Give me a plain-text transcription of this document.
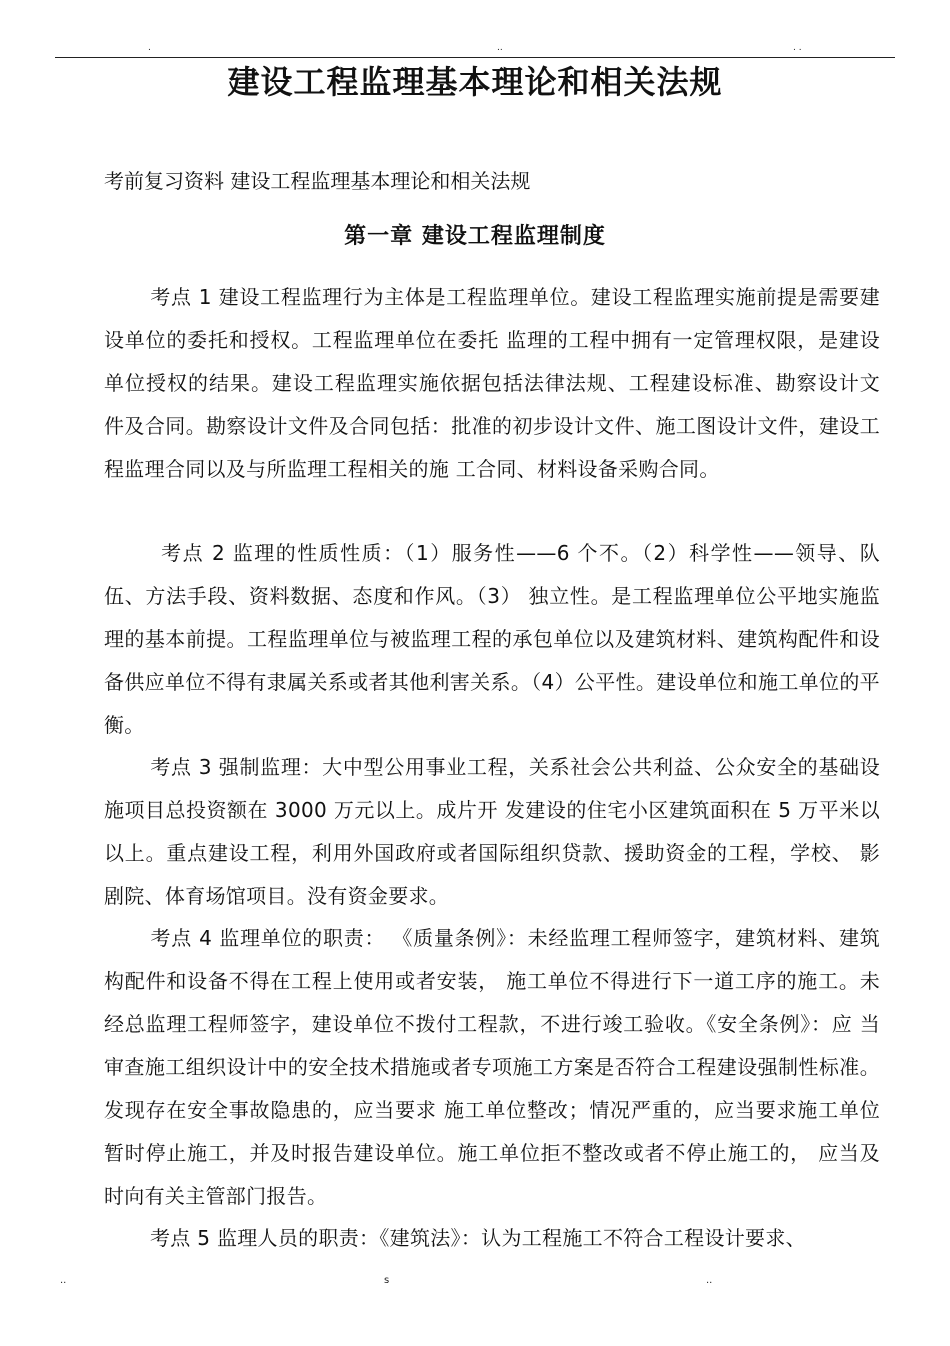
.	..	. .
建设工程监理基本理论和相关法规
考前复习资料 建设工程监理基本理论和相关法规
第一章 建设工程监理制度
考点 1 建设工程监理行为主体是工程监理单位。建设工程监理实施前提是需要建设单位的委托和授权。工程监理单位在委托 监理的工程中拥有一定管理权限，是建设单位授权的结果。建设工程监理实施依据包括法律法规、工程建设标准、勘察设计文 件及合同。勘察设计文件及合同包括：批准的初步设计文件、施工图设计文件，建设工程监理合同以及与所监理工程相关的施 工合同、材料设备采购合同。
考点 2 监理的性质性质：（1）服务性——6 个不。（2）科学性——领导、队伍、方法手段、资料数据、态度和作风。（3） 独立性。是工程监理单位公平地实施监理的基本前提。工程监理单位与被监理工程的承包单位以及建筑材料、建筑构配件和设 备供应单位不得有隶属关系或者其他利害关系。（4）公平性。建设单位和施工单位的平衡。
考点 3 强制监理：大中型公用事业工程，关系社会公共利益、公众安全的基础设施项目总投资额在 3000 万元以上。成片开 发建设的住宅小区建筑面积在 5 万平米以以上。重点建设工程，利用外国政府或者国际组织贷款、援助资金的工程，学校、 影剧院、体育场馆项目。没有资金要求。
考点 4 监理单位的职责： 《质量条例》：未经监理工程师签字，建筑材料、建筑构配件和设备不得在工程上使用或者安装， 施工单位不得进行下一道工序的施工。未经总监理工程师签字，建设单位不拨付工程款，不进行竣工验收。《安全条例》：应 当审查施工组织设计中的安全技术措施或者专项施工方案是否符合工程建设强制性标准。发现存在安全事故隐患的，应当要求 施工单位整改；情况严重的，应当要求施工单位暂时停止施工，并及时报告建设单位。施工单位拒不整改或者不停止施工的， 应当及时向有关主管部门报告。
考点 5 监理人员的职责：《建筑法》：认为工程施工不符合工程设计要求、
..	s	..
